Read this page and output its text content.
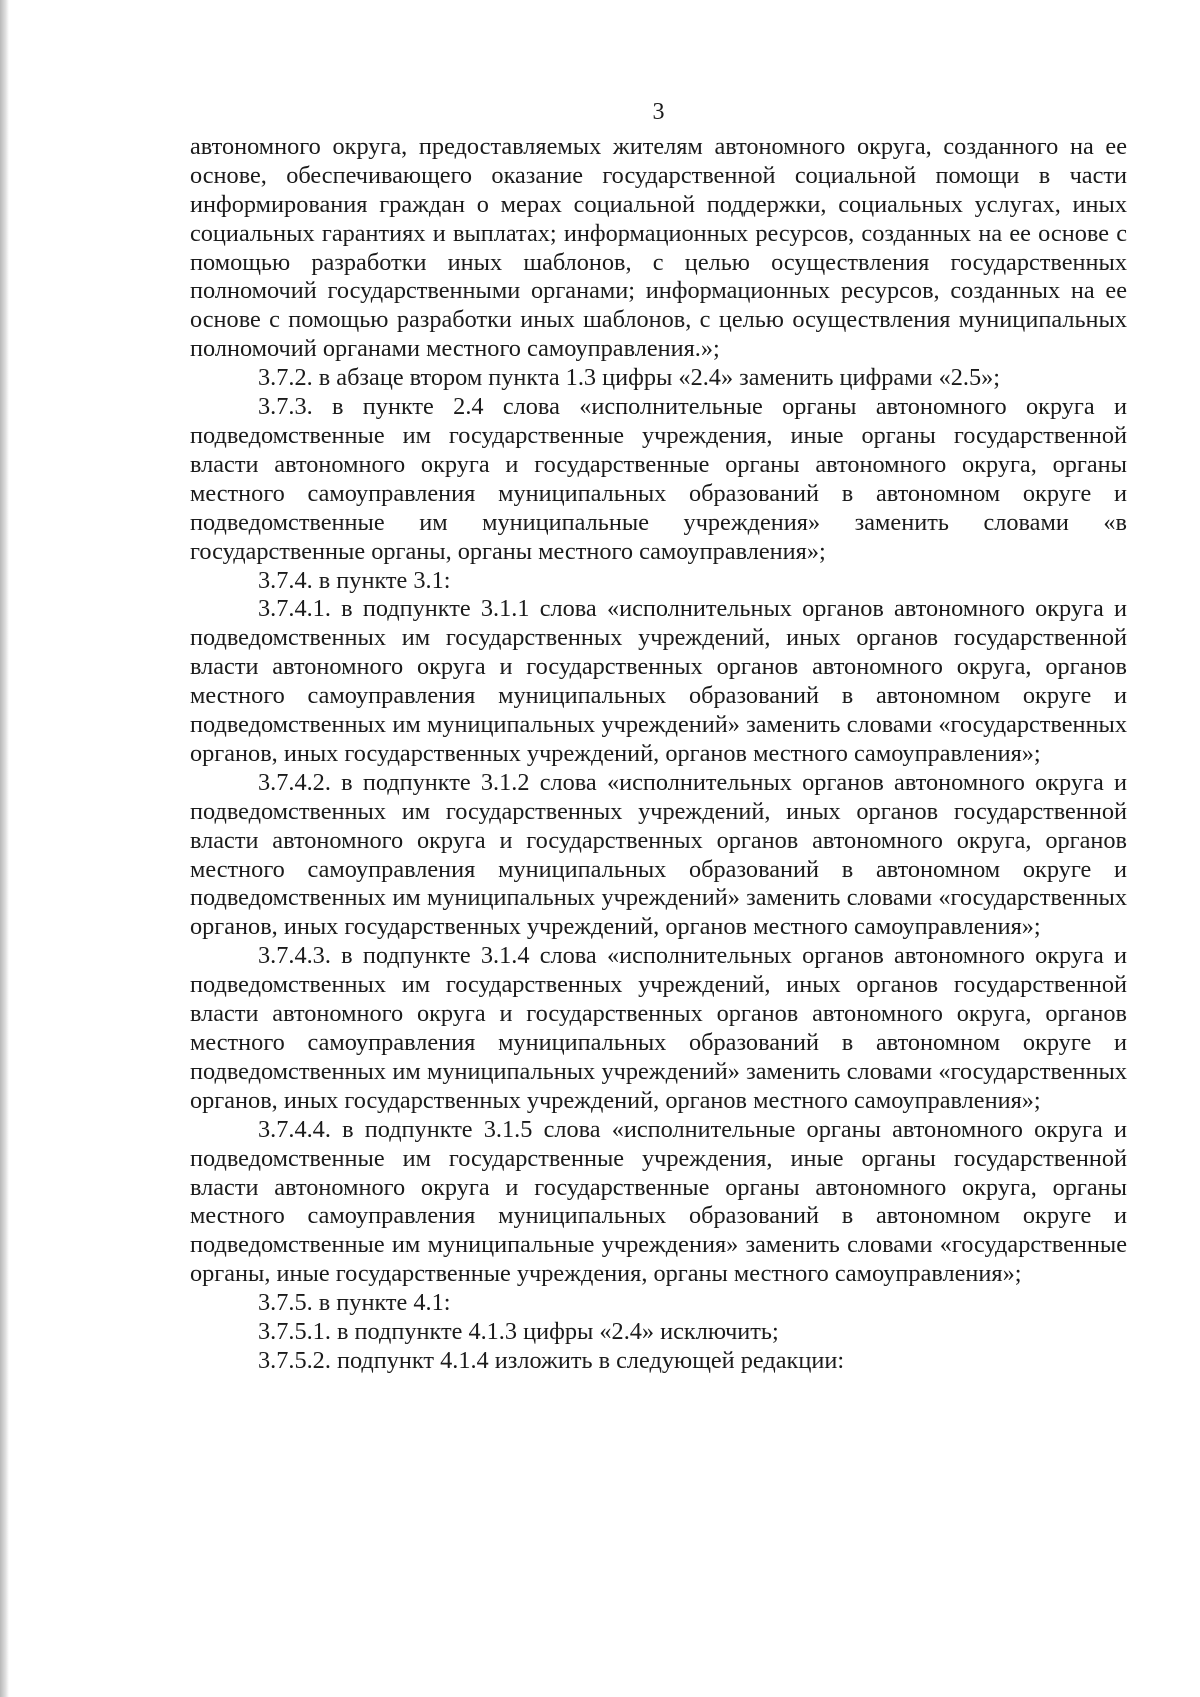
3

автономного округа, предоставляемых жителям автономного округа, созданного на ее основе, обеспечивающего оказание государственной социальной помощи в части информирования граждан о мерах социальной поддержки, социальных услугах, иных социальных гарантиях и выплатах; информационных ресурсов, созданных на ее основе с помощью разработки иных шаблонов, с целью осуществления государственных полномочий государственными органами; информационных ресурсов, созданных на ее основе с помощью разработки иных шаблонов, с целью осуществления муниципальных полномочий органами местного самоуправления.»;

3.7.2. в абзаце втором пункта 1.3 цифры «2.4» заменить цифрами «2.5»;

3.7.3. в пункте 2.4 слова «исполнительные органы автономного округа и подведомственные им государственные учреждения, иные органы государственной власти автономного округа и государственные органы автономного округа, органы местного самоуправления муниципальных образований в автономном округе и подведомственные им муниципальные учреждения» заменить словами «в государственные органы, органы местного самоуправления»;

3.7.4. в пункте 3.1:

3.7.4.1. в подпункте 3.1.1 слова «исполнительных органов автономного округа и подведомственных им государственных учреждений, иных органов государственной власти автономного округа и государственных органов автономного округа, органов местного самоуправления муниципальных образований в автономном округе и подведомственных им муниципальных учреждений» заменить словами «государственных органов, иных государственных учреждений, органов местного самоуправления»;

3.7.4.2. в подпункте 3.1.2 слова «исполнительных органов автономного округа и подведомственных им государственных учреждений, иных органов государственной власти автономного округа и государственных органов автономного округа, органов местного самоуправления муниципальных образований в автономном округе и подведомственных им муниципальных учреждений» заменить словами «государственных органов, иных государственных учреждений, органов местного самоуправления»;

3.7.4.3. в подпункте 3.1.4 слова «исполнительных органов автономного округа и подведомственных им государственных учреждений, иных органов государственной власти автономного округа и государственных органов автономного округа, органов местного самоуправления муниципальных образований в автономном округе и подведомственных им муниципальных учреждений» заменить словами «государственных органов, иных государственных учреждений, органов местного самоуправления»;

3.7.4.4. в подпункте 3.1.5 слова «исполнительные органы автономного округа и подведомственные им государственные учреждения, иные органы государственной власти автономного округа и государственные органы автономного округа, органы местного самоуправления муниципальных образований в автономном округе и подведомственные им муниципальные учреждения» заменить словами «государственные органы, иные государственные учреждения, органы местного самоуправления»;

3.7.5. в пункте 4.1:

3.7.5.1. в подпункте 4.1.3 цифры «2.4» исключить;

3.7.5.2. подпункт 4.1.4 изложить в следующей редакции:
